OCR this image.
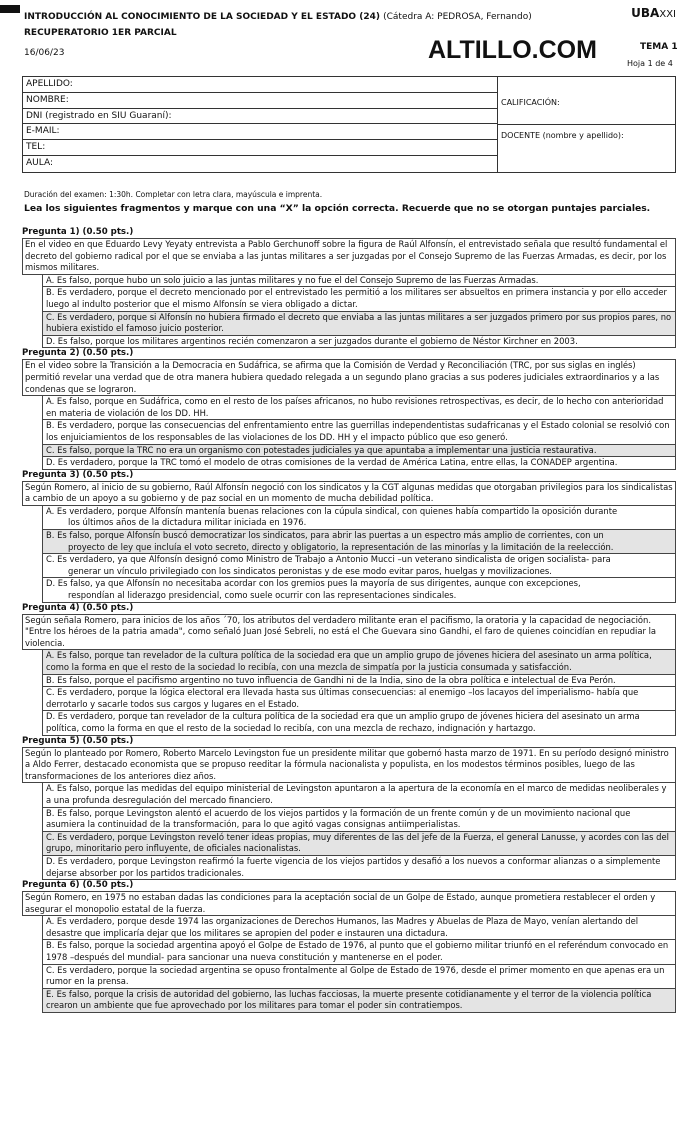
INTRODUCCIÓN AL CONOCIMIENTO DE LA SOCIEDAD Y EL ESTADO (24) (Cátedra A: PEDROSA, Fernando)
RECUPERATORIO 1ER PARCIAL
16/06/23
UBAXXI
ALTILLO.COM	TEMA 1
Hoja 1 de 4
APELLIDO:
NOMBRE:
DNI (registrado en SIU Guaraní):
E-MAIL:
TEL:
AULA:
CALIFICACIÓN:
DOCENTE (nombre y apellido):
Duración del examen: 1:30h. Completar con letra clara, mayúscula e imprenta.
Lea los siguientes fragmentos y marque con una “X” la opción correcta. Recuerde que no se otorgan puntajes parciales.
Pregunta 1) (0.50 pts.)
En el video en que Eduardo Levy Yeyaty entrevista a Pablo Gerchunoff sobre la figura de Raúl Alfonsín, el entrevistado señala que resultó fundamental el decreto del gobierno radical por el que se enviaba a las juntas militares a ser juzgadas por el Consejo Supremo de las Fuerzas Armadas, es decir, por los mismos militares.
A. Es falso, porque hubo un solo juicio a las juntas militares y no fue el del Consejo Supremo de las Fuerzas Armadas.
B. Es verdadero, porque el decreto mencionado por el entrevistado les permitió a los militares ser absueltos en primera instancia y por ello acceder luego al indulto posterior que el mismo Alfonsín se viera obligado a dictar.
C. Es verdadero, porque si Alfonsín no hubiera firmado el decreto que enviaba a las juntas militares a ser juzgados primero por sus propios pares, no hubiera existido el famoso juicio posterior.
D. Es falso, porque los militares argentinos recién comenzaron a ser juzgados durante el gobierno de Néstor Kirchner en 2003.
Pregunta 2) (0.50 pts.)
En el video sobre la Transición a la Democracia en Sudáfrica, se afirma que la Comisión de Verdad y Reconciliación (TRC, por sus siglas en inglés) permitió revelar una verdad que de otra manera hubiera quedado relegada a un segundo plano gracias a sus poderes judiciales extraordinarios y a las condenas que se lograron.
A. Es falso, porque en Sudáfrica, como en el resto de los países africanos, no hubo revisiones retrospectivas, es decir, de lo hecho con anterioridad en materia de violación de los DD. HH.
B. Es verdadero, porque las consecuencias del enfrentamiento entre las guerrillas independentistas sudafricanas y el Estado colonial se resolvió con los enjuiciamientos de los responsables de las violaciones de los DD. HH y el impacto público que eso generó.
C. Es falso, porque la TRC no era un organismo con potestades judiciales ya que apuntaba a implementar una justicia restaurativa.
D. Es verdadero, porque la TRC tomó el modelo de otras comisiones de la verdad de América Latina, entre ellas, la CONADEP argentina.
Pregunta 3) (0.50 pts.)
Según Romero, al inicio de su gobierno, Raúl Alfonsín negoció con los sindicatos y la CGT algunas medidas que otorgaban privilegios para los sindicalistas a cambio de un apoyo a su gobierno y de paz social en un momento de mucha debilidad política.
A. Es verdadero, porque Alfonsín mantenía buenas relaciones con la cúpula sindical, con quienes había compartido la oposición durante
los últimos años de la dictadura militar iniciada en 1976.
B. Es falso, porque Alfonsín buscó democratizar los sindicatos, para abrir las puertas a un espectro más amplio de corrientes, con un
proyecto de ley que incluía el voto secreto, directo y obligatorio, la representación de las minorías y la limitación de la reelección.
C. Es verdadero, ya que Alfonsín designó como Ministro de Trabajo a Antonio Mucci –un veterano sindicalista de origen socialista- para
generar un vínculo privilegiado con los sindicatos peronistas y de ese modo evitar paros, huelgas y movilizaciones.
D. Es falso, ya que Alfonsín no necesitaba acordar con los gremios pues la mayoría de sus dirigentes, aunque con excepciones,
respondían al liderazgo presidencial, como suele ocurrir con las representaciones sindicales.
Pregunta 4) (0.50 pts.)
Según señala Romero, para inicios de los años ´70, los atributos del verdadero militante eran el pacifismo, la oratoria y la capacidad de negociación. "Entre los héroes de la patria amada", como señaló Juan José Sebreli, no está el Che Guevara sino Gandhi, el faro de quienes coincidían en repudiar la violencia.
A. Es falso, porque tan revelador de la cultura política de la sociedad era que un amplio grupo de jóvenes hiciera del asesinato un arma política, como la forma en que el resto de la sociedad lo recibía, con una mezcla de simpatía por la justicia consumada y satisfacción.
B. Es falso, porque el pacifismo argentino no tuvo influencia de Gandhi ni de la India, sino de la obra política e intelectual de Eva Perón.
C. Es verdadero, porque la lógica electoral era llevada hasta sus últimas consecuencias: al enemigo –los lacayos del imperialismo- había que derrotarlo y sacarle todos sus cargos y lugares en el Estado.
D. Es verdadero, porque tan revelador de la cultura política de la sociedad era que un amplio grupo de jóvenes hiciera del asesinato un arma política, como la forma en que el resto de la sociedad lo recibía, con una mezcla de rechazo, indignación y hartazgo.
Pregunta 5) (0.50 pts.)
Según lo planteado por Romero, Roberto Marcelo Levingston fue un presidente militar que gobernó hasta marzo de 1971. En su período designó ministro a Aldo Ferrer, destacado economista que se propuso reeditar la fórmula nacionalista y populista, en los modestos términos posibles, luego de las transformaciones de los anteriores diez años.
A. Es falso, porque las medidas del equipo ministerial de Levingston apuntaron a la apertura de la economía en el marco de medidas neoliberales y a una profunda desregulación del mercado financiero.
B. Es falso, porque Levingston alentó el acuerdo de los viejos partidos y la formación de un frente común y de un movimiento nacional que asumiera la continuidad de la transformación, para lo que agitó vagas consignas antiimperialistas.
C. Es verdadero, porque Levingston reveló tener ideas propias, muy diferentes de las del jefe de la Fuerza, el general Lanusse, y acordes con las del grupo, minoritario pero influyente, de oficiales nacionalistas.
D. Es verdadero, porque Levingston reafirmó la fuerte vigencia de los viejos partidos y desafió a los nuevos a conformar alianzas o a simplemente dejarse absorber por los partidos tradicionales.
Pregunta 6) (0.50 pts.)
Según Romero, en 1975 no estaban dadas las condiciones para la aceptación social de un Golpe de Estado, aunque prometiera restablecer el orden y asegurar el monopolio estatal de la fuerza.
A. Es verdadero, porque desde 1974 las organizaciones de Derechos Humanos, las Madres y Abuelas de Plaza de Mayo, venían alertando del desastre que implicaría dejar que los militares se apropien del poder e instauren una dictadura.
B. Es falso, porque la sociedad argentina apoyó el Golpe de Estado de 1976, al punto que el gobierno militar triunfó en el referéndum convocado en 1978 –después del mundial- para sancionar una nueva constitución y mantenerse en el poder.
C. Es verdadero, porque la sociedad argentina se opuso frontalmente al Golpe de Estado de 1976, desde el primer momento en que apenas era un rumor en la prensa.
E. Es falso, porque la crisis de autoridad del gobierno, las luchas facciosas, la muerte presente cotidianamente y el terror de la violencia política crearon un ambiente que fue aprovechado por los militares para tomar el poder sin contratiempos.
